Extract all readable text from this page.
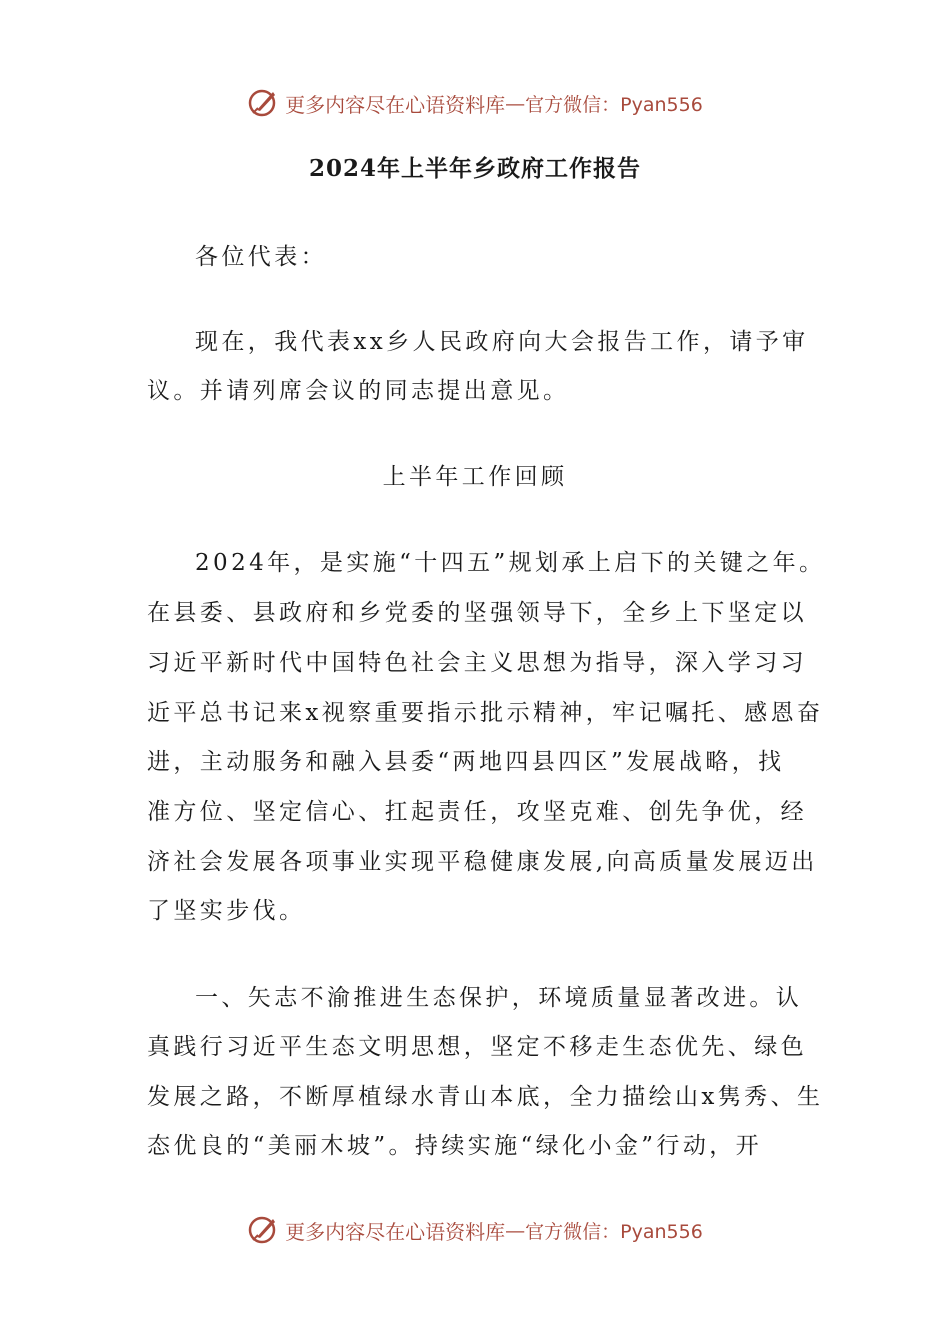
更多内容尽在心语资料库 — 官方微信：Pyan556
2024年上半年乡政府工作报告
各位代表：
现在，我代表xx乡人民政府向大会报告工作，请予审
议。并请列席会议的同志提出意见。
上半年工作回顾
2024年，是实施“十四五”规划承上启下的关键之年。
在县委、县政府和乡党委的坚强领导下，全乡上下坚定以
习近平新时代中国特色社会主义思想为指导，深入学习习
近平总书记来x视察重要指示批示精神，牢记嘱托、感恩奋
进，主动服务和融入县委“两地四县四区”发展战略，找
准方位、坚定信心、扛起责任，攻坚克难、创先争优，经
济社会发展各项事业实现平稳健康发展,向高质量发展迈出
了坚实步伐。
一、矢志不渝推进生态保护，环境质量显著改进。认
真践行习近平生态文明思想，坚定不移走生态优先、绿色
发展之路，不断厚植绿水青山本底，全力描绘山x隽秀、生
态优良的“美丽木坡”。持续实施“绿化小金”行动，开
更多内容尽在心语资料库 — 官方微信：Pyan556
